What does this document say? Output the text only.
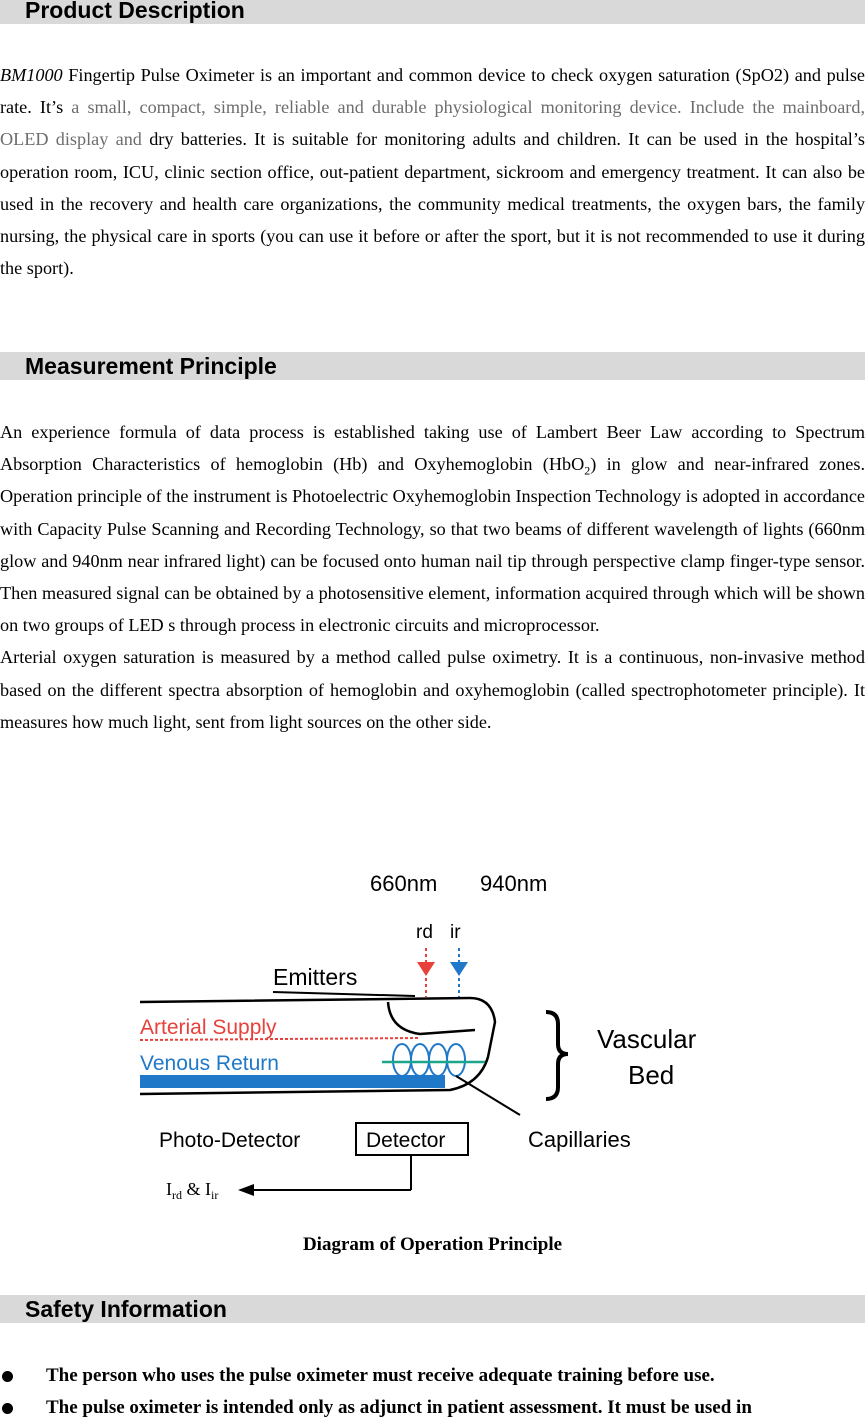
Product Description

BM1000 Fingertip Pulse Oximeter is an important and common device to check oxygen saturation (SpO2) and pulse rate. It’s a small, compact, simple, reliable and durable physiological monitoring device. Include the mainboard, OLED display and dry batteries. It is suitable for monitoring adults and children. It can be used in the hospital’s operation room, ICU, clinic section office, out-patient department, sickroom and emergency treatment. It can also be used in the recovery and health care organizations, the community medical treatments, the oxygen bars, the family nursing, the physical care in sports (you can use it before or after the sport, but it is not recommended to use it during the sport).

Measurement Principle

An experience formula of data process is established taking use of Lambert Beer Law according to Spectrum Absorption Characteristics of hemoglobin (Hb) and Oxyhemoglobin (HbO$_2$) in glow and near-infrared zones. Operation principle of the instrument is Photoelectric Oxyhemoglobin Inspection Technology is adopted in accordance with Capacity Pulse Scanning and Recording Technology, so that two beams of different wavelength of lights (660nm glow and 940nm near infrared light) can be focused onto human nail tip through perspective clamp finger-type sensor. Then measured signal can be obtained by a photosensitive element, information acquired through which will be shown on two groups of LED s through process in electronic circuits and microprocessor.

Arterial oxygen saturation is measured by a method called pulse oximetry. It is a continuous, non-invasive method based on the different spectra absorption of hemoglobin and oxyhemoglobin (called spectrophotometer principle). It measures how much light, sent from light sources on the other side.

660nm 940nm
rd ir
Emitters
Arterial Supply
Venous Return
Vascular
Bed
Capillaries
Photo-Detector	Detector
$I_{rd}$ & $I_{ir}$
Diagram of Operation Principle
Safety Information
The person who uses the pulse oximeter must receive adequate training before use.
The pulse oximeter is intended only as adjunct in patient assessment. It must be used in
